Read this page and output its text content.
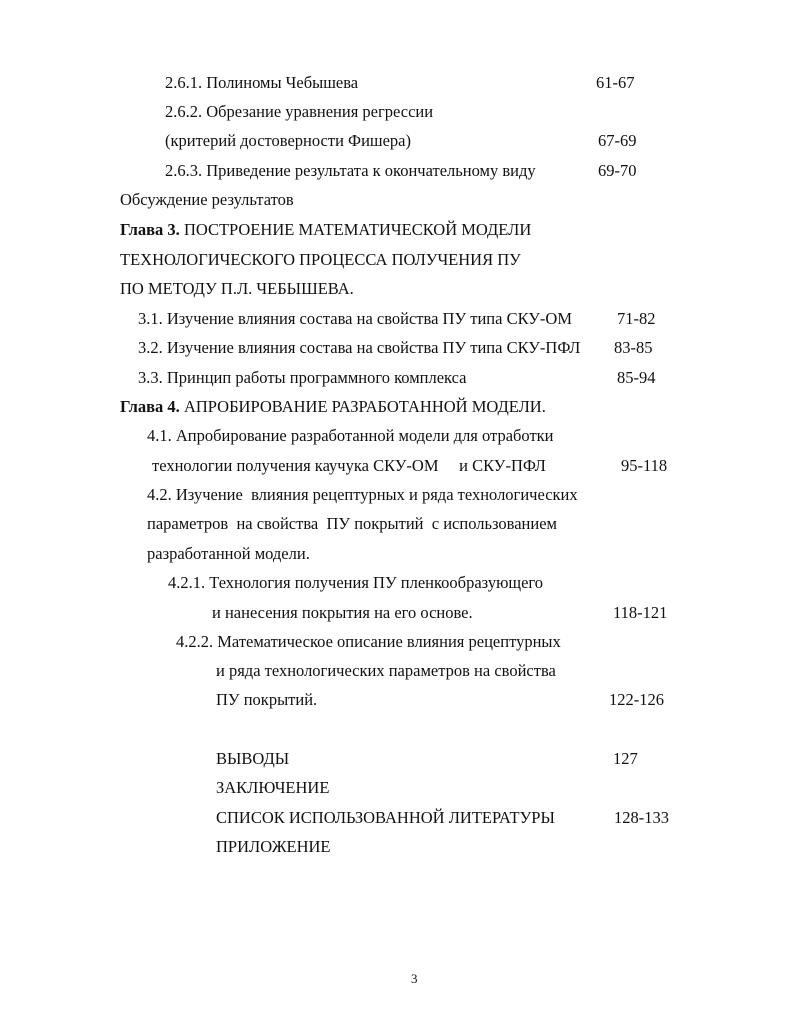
2.6.1. Полиномы Чебышева	61-67
2.6.2. Обрезание уравнения регрессии
(критерий достоверности Фишера)	67-69
2.6.3. Приведение результата к окончательному виду	69-70
Обсуждение результатов
Глава 3. ПОСТРОЕНИЕ МАТЕМАТИЧЕСКОЙ МОДЕЛИ
ТЕХНОЛОГИЧЕСКОГО ПРОЦЕССА ПОЛУЧЕНИЯ ПУ
ПО МЕТОДУ П.Л. ЧЕБЫШЕВА.
3.1. Изучение влияния состава на свойства ПУ типа СКУ-ОМ	71-82
3.2. Изучение влияния состава на свойства ПУ типа СКУ-ПФЛ 83-85
3.3. Принцип работы программного комплекса	85-94
Глава 4. АПРОБИРОВАНИЕ РАЗРАБОТАННОЙ МОДЕЛИ.
4.1. Апробирование разработанной модели для отработки
технологии получения каучука СКУ-ОМ     и СКУ-ПФЛ	95-118
4.2. Изучение  влияния рецептурных и ряда технологических
параметров  на свойства  ПУ покрытий  с использованием
разработанной модели.
4.2.1. Технология получения ПУ пленкообразующего
и нанесения покрытия на его основе.	118-121
4.2.2. Математическое описание влияния рецептурных
и ряда технологических параметров на свойства
ПУ покрытий.	122-126
ВЫВОДЫ	127
ЗАКЛЮЧЕНИЕ
СПИСОК ИСПОЛЬЗОВАННОЙ ЛИТЕРАТУРЫ	128-133
ПРИЛОЖЕНИЕ
3
